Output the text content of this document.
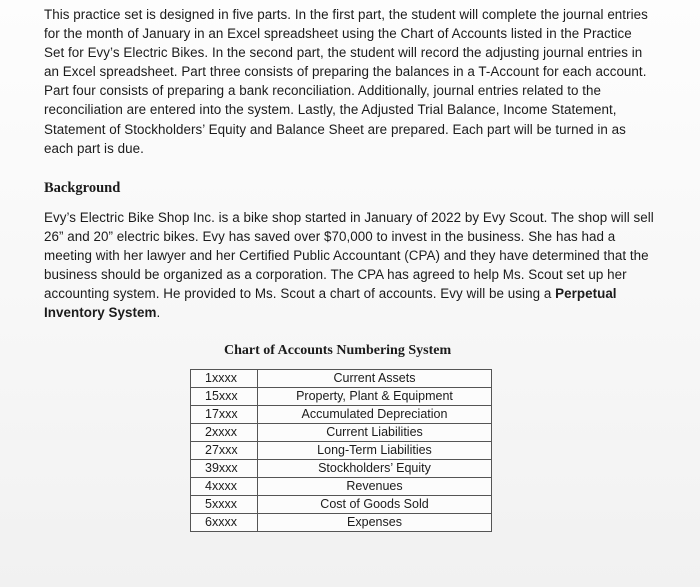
This practice set is designed in five parts. In the first part, the student will complete the journal entries for the month of January in an Excel spreadsheet using the Chart of Accounts listed in the Practice Set for Evy’s Electric Bikes. In the second part, the student will record the adjusting journal entries in an Excel spreadsheet. Part three consists of preparing the balances in a T-Account for each account. Part four consists of preparing a bank reconciliation. Additionally, journal entries related to the reconciliation are entered into the system. Lastly, the Adjusted Trial Balance, Income Statement, Statement of Stockholders’ Equity and Balance Sheet are prepared. Each part will be turned in as each part is due.

Background

Evy’s Electric Bike Shop Inc. is a bike shop started in January of 2022 by Evy Scout. The shop will sell 26” and 20” electric bikes. Evy has saved over $70,000 to invest in the business. She has had a meeting with her lawyer and her Certified Public Accountant (CPA) and they have determined that the business should be organized as a corporation. The CPA has agreed to help Ms. Scout set up her accounting system. He provided to Ms. Scout a chart of accounts. Evy will be using a Perpetual Inventory System.

Chart of Accounts Numbering System
1xxxx	Current Assets
15xxx	Property, Plant & Equipment
17xxx	Accumulated Depreciation
2xxxx	Current Liabilities
27xxx	Long-Term Liabilities
39xxx	Stockholders’ Equity
4xxxx	Revenues
5xxxx	Cost of Goods Sold
6xxxx	Expenses
